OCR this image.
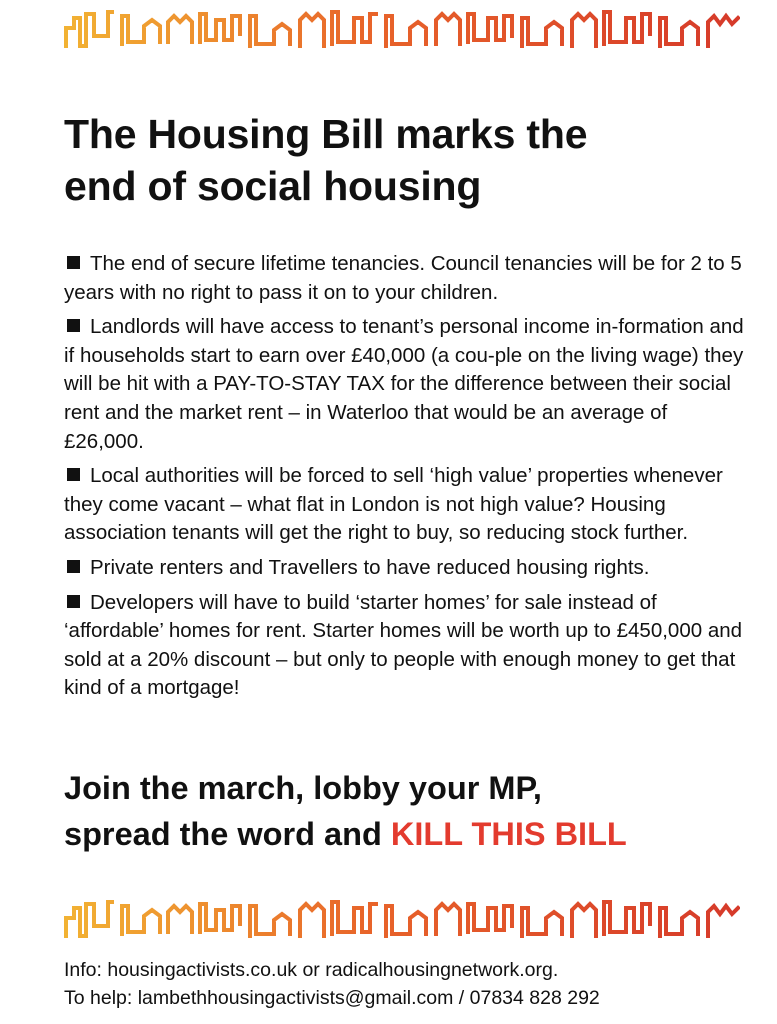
The Housing Bill marks the
end of social housing
The end of secure lifetime tenancies. Council tenancies will be for 2 to 5 years with no right to pass it on to your children.
Landlords will have access to tenant’s personal income in-formation and if households start to earn over £40,000 (a cou-ple on the living wage) they will be hit with a PAY-TO-STAY TAX for the difference between their social rent and the market rent – in Waterloo that would be an average of £26,000.
Local authorities will be forced to sell ‘high value’ properties whenever they come vacant – what flat in London is not high value? Housing association tenants will get the right to buy, so reducing stock further.
Private renters and Travellers to have reduced housing rights.
Developers will have to build ‘starter homes’ for sale instead of ‘affordable’ homes for rent. Starter homes will be worth up to £450,000 and sold at a 20% discount – but only to people with enough money to get that kind of a mortgage!
Join the march, lobby your MP,
spread the word and KILL THIS BILL
Info: housingactivists.co.uk or radicalhousingnetwork.org.
To help: lambethhousingactivists@gmail.com / 07834 828 292
